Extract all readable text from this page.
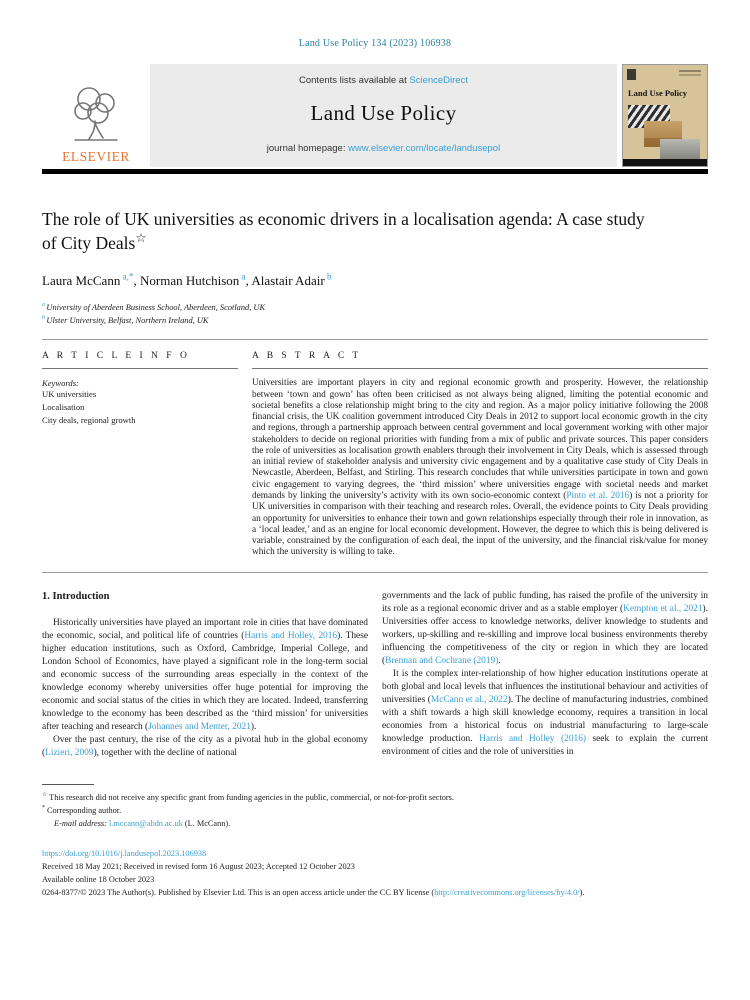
Land Use Policy 134 (2023) 106938
ELSEVIER
Contents lists available at ScienceDirect
Land Use Policy
journal homepage: www.elsevier.com/locate/landusepol
Land Use Policy
The role of UK universities as economic drivers in a localisation agenda: A case study of City Deals☆
Laura McCann $^{a,*}$, Norman Hutchison $^a$, Alastair Adair $^b$
$^a$ University of Aberdeen Business School, Aberdeen, Scotland, UK
$^b$ Ulster University, Belfast, Northern Ireland, UK
A R T I C L E I N F O
Keywords:
UK universities
Localisation
City deals, regional growth
A B S T R A C T
Universities are important players in city and regional economic growth and prosperity. However, the relationship between ‘town and gown’ has often been criticised as not always being aligned, limiting the potential economic and societal benefits a close relationship might bring to the city and region. As a major policy initiative following the 2008 financial crisis, the UK coalition government introduced City Deals in 2012 to support local economic growth in the city and regions, through a partnership approach between central government and local government working with other major stakeholders to decide on regional priorities with funding from a mix of public and private sources. This paper considers the role of universities as localisation growth enablers through their involvement in City Deals, which is assessed through an initial review of stakeholder analysis and university civic engagement and by a qualitative case study of City Deals in Newcastle, Aberdeen, Belfast, and Stirling. This research concludes that while universities participate in town and gown civic engagement to varying degrees, the ‘third mission’ where universities engage with societal needs and market demands by linking the university’s activity with its own socio-economic context (Pinto et al. 2016) is not a priority for UK universities in comparison with their teaching and research roles. Overall, the evidence points to City Deals providing an opportunity for universities to enhance their town and gown relationships especially through their role in innovation, as a ‘local leader,’ and as an engine for local economic development. However, the degree to which this is being delivered is variable, constrained by the configuration of each deal, the input of the university, and the financial risk/value for money which the university is willing to take.
1. Introduction

Historically universities have played an important role in cities that have dominated the economic, social, and political life of countries (Harris and Holley, 2016). These higher education institutions, such as Oxford, Cambridge, Imperial College, and London School of Economics, have played a significant role in the long-term social and economic success of the surrounding areas especially in the context of the knowledge economy whereby universities offer huge potential for improving the economic and social status of the cities in which they are located. Indeed, transferring knowledge to the economy has been described as the ‘third mission’ for universities after teaching and research (Johannes and Menter, 2021).

Over the past century, the rise of the city as a pivotal hub in the global economy (Lizieri, 2009), together with the decline of national

governments and the lack of public funding, has raised the profile of the university in its role as a regional economic driver and as a stable employer (Kempton et al., 2021). Universities offer access to knowledge networks, deliver knowledge to students and workers, up-skilling and re-skilling and improve local business environments thereby influencing the competitiveness of the city or region in which they are located (Brennan and Cochrane (2019).

It is the complex inter-relationship of how higher education institutions operate at both global and local levels that influences the institutional behaviour and activities of universities (McCann et al., 2022). The decline of manufacturing industries, combined with a shift towards a high skill knowledge economy, requires a transition in local economies from a historical focus on industrial manufacturing to large-scale knowledge production. Harris and Holley (2016) seek to explain the current environment of cities and the role of universities in

☆ This research did not receive any specific grant from funding agencies in the public, commercial, or not-for-profit sectors.
* Corresponding author.
E-mail address: l.mccann@abdn.ac.uk (L. McCann).
https://doi.org/10.1016/j.landusepol.2023.106938
Received 18 May 2021; Received in revised form 16 August 2023; Accepted 12 October 2023
Available online 18 October 2023
0264-8377/© 2023 The Author(s). Published by Elsevier Ltd. This is an open access article under the CC BY license (http://creativecommons.org/licenses/by/4.0/).
